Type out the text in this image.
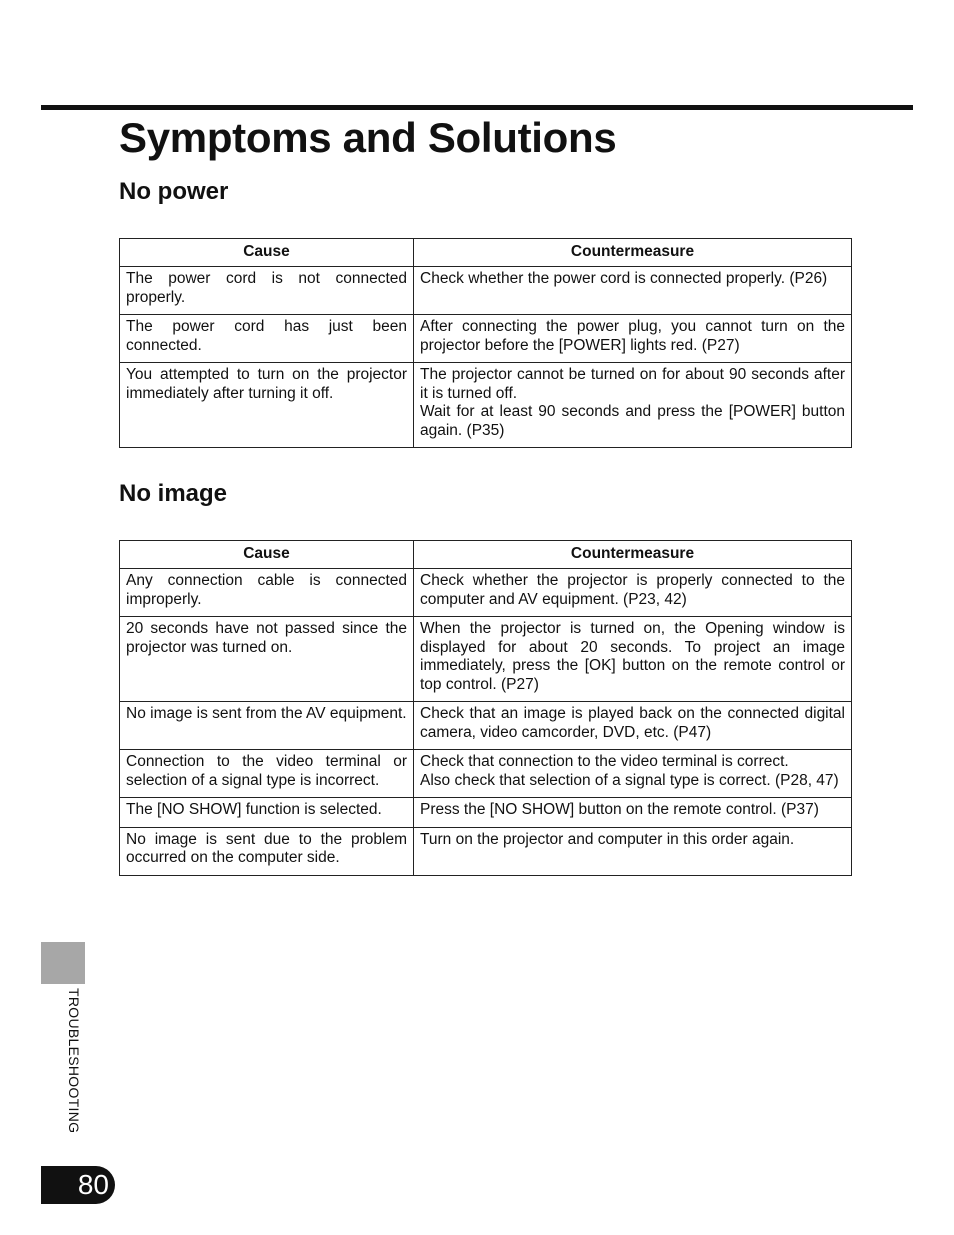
Symptoms and Solutions
No power
Cause	Countermeasure
The power cord is not connected properly.	Check whether the power cord is connected properly. (P26)

The power cord has just been connected.	After connecting the power plug, you cannot turn on the projector before the [POWER] lights red. (P27)

You attempted to turn on the projector immediately after turning it off.	The projector cannot be turned on for about 90 seconds after it is turned off.
Wait for at least 90 seconds and press the [POWER] button again. (P35)
No image
Cause	Countermeasure
Any connection cable is connected improperly.	Check whether the projector is properly connected to the computer and AV equipment. (P23, 42)

20 seconds have not passed since the projector was turned on.	When the projector is turned on, the Opening window is displayed for about 20 seconds. To project an image immediately, press the [OK] button on the remote control or top control. (P27)

No image is sent from the AV equipment.	Check that an image is played back on the connected digital camera, video camcorder, DVD, etc. (P47)

Connection to the video terminal or selection of a signal type is incorrect.	Check that connection to the video terminal is correct.
Also check that selection of a signal type is correct. (P28, 47)

The [NO SHOW] function is selected.	Press the [NO SHOW] button on the remote control. (P37)

No image is sent due to the problem occurred on the computer side.	Turn on the projector and computer in this order again.
TROUBLESHOOTING
80
